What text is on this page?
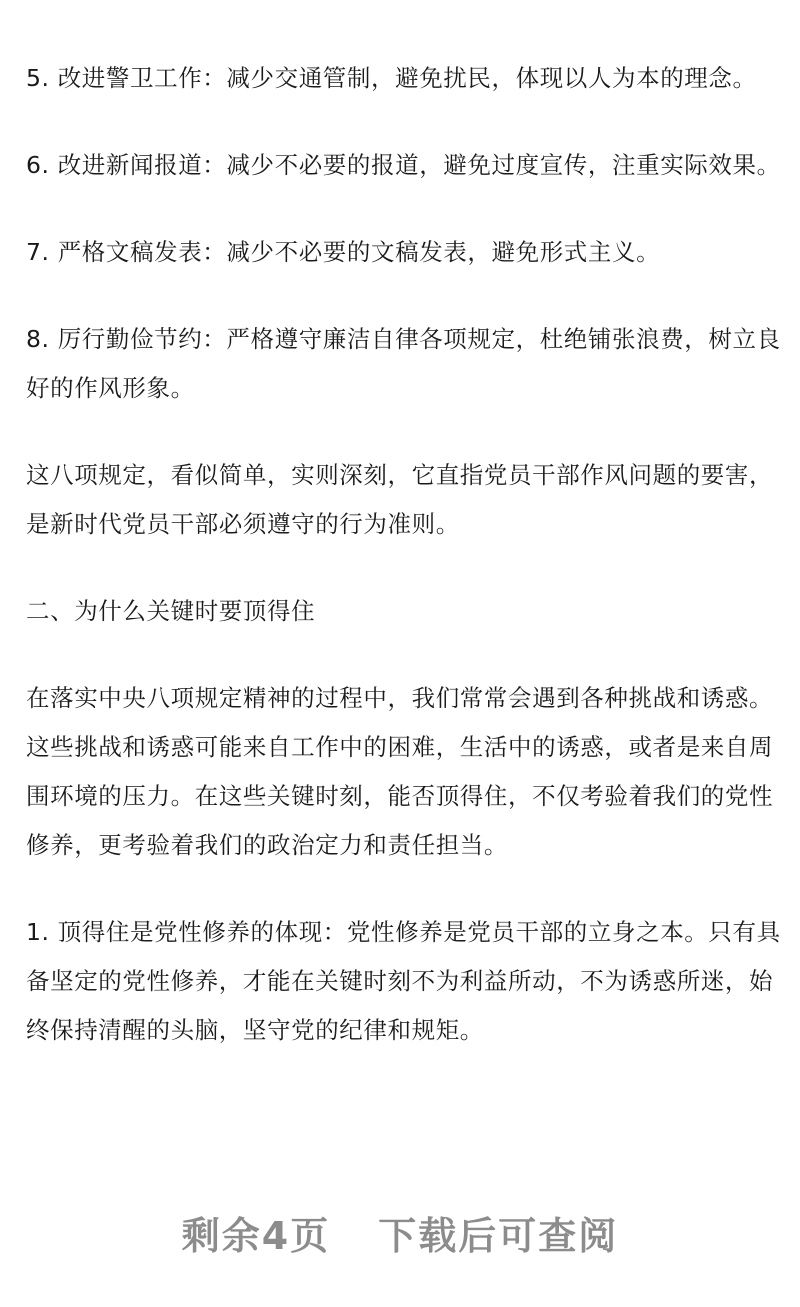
5. 改进警卫工作：减少交通管制，避免扰民，体现以人为本的理念。

6. 改进新闻报道：减少不必要的报道，避免过度宣传，注重实际效果。

7. 严格文稿发表：减少不必要的文稿发表，避免形式主义。

8. 厉行勤俭节约：严格遵守廉洁自律各项规定，杜绝铺张浪费，树立良好的作风形象。

这八项规定，看似简单，实则深刻，它直指党员干部作风问题的要害，是新时代党员干部必须遵守的行为准则。

二、为什么关键时要顶得住

在落实中央八项规定精神的过程中，我们常常会遇到各种挑战和诱惑。这些挑战和诱惑可能来自工作中的困难，生活中的诱惑，或者是来自周围环境的压力。在这些关键时刻，能否顶得住，不仅考验着我们的党性修养，更考验着我们的政治定力和责任担当。

1. 顶得住是党性修养的体现：党性修养是党员干部的立身之本。只有具备坚定的党性修养，才能在关键时刻不为利益所动，不为诱惑所迷，始终保持清醒的头脑，坚守党的纪律和规矩。

剩余4页 下载后可查阅
